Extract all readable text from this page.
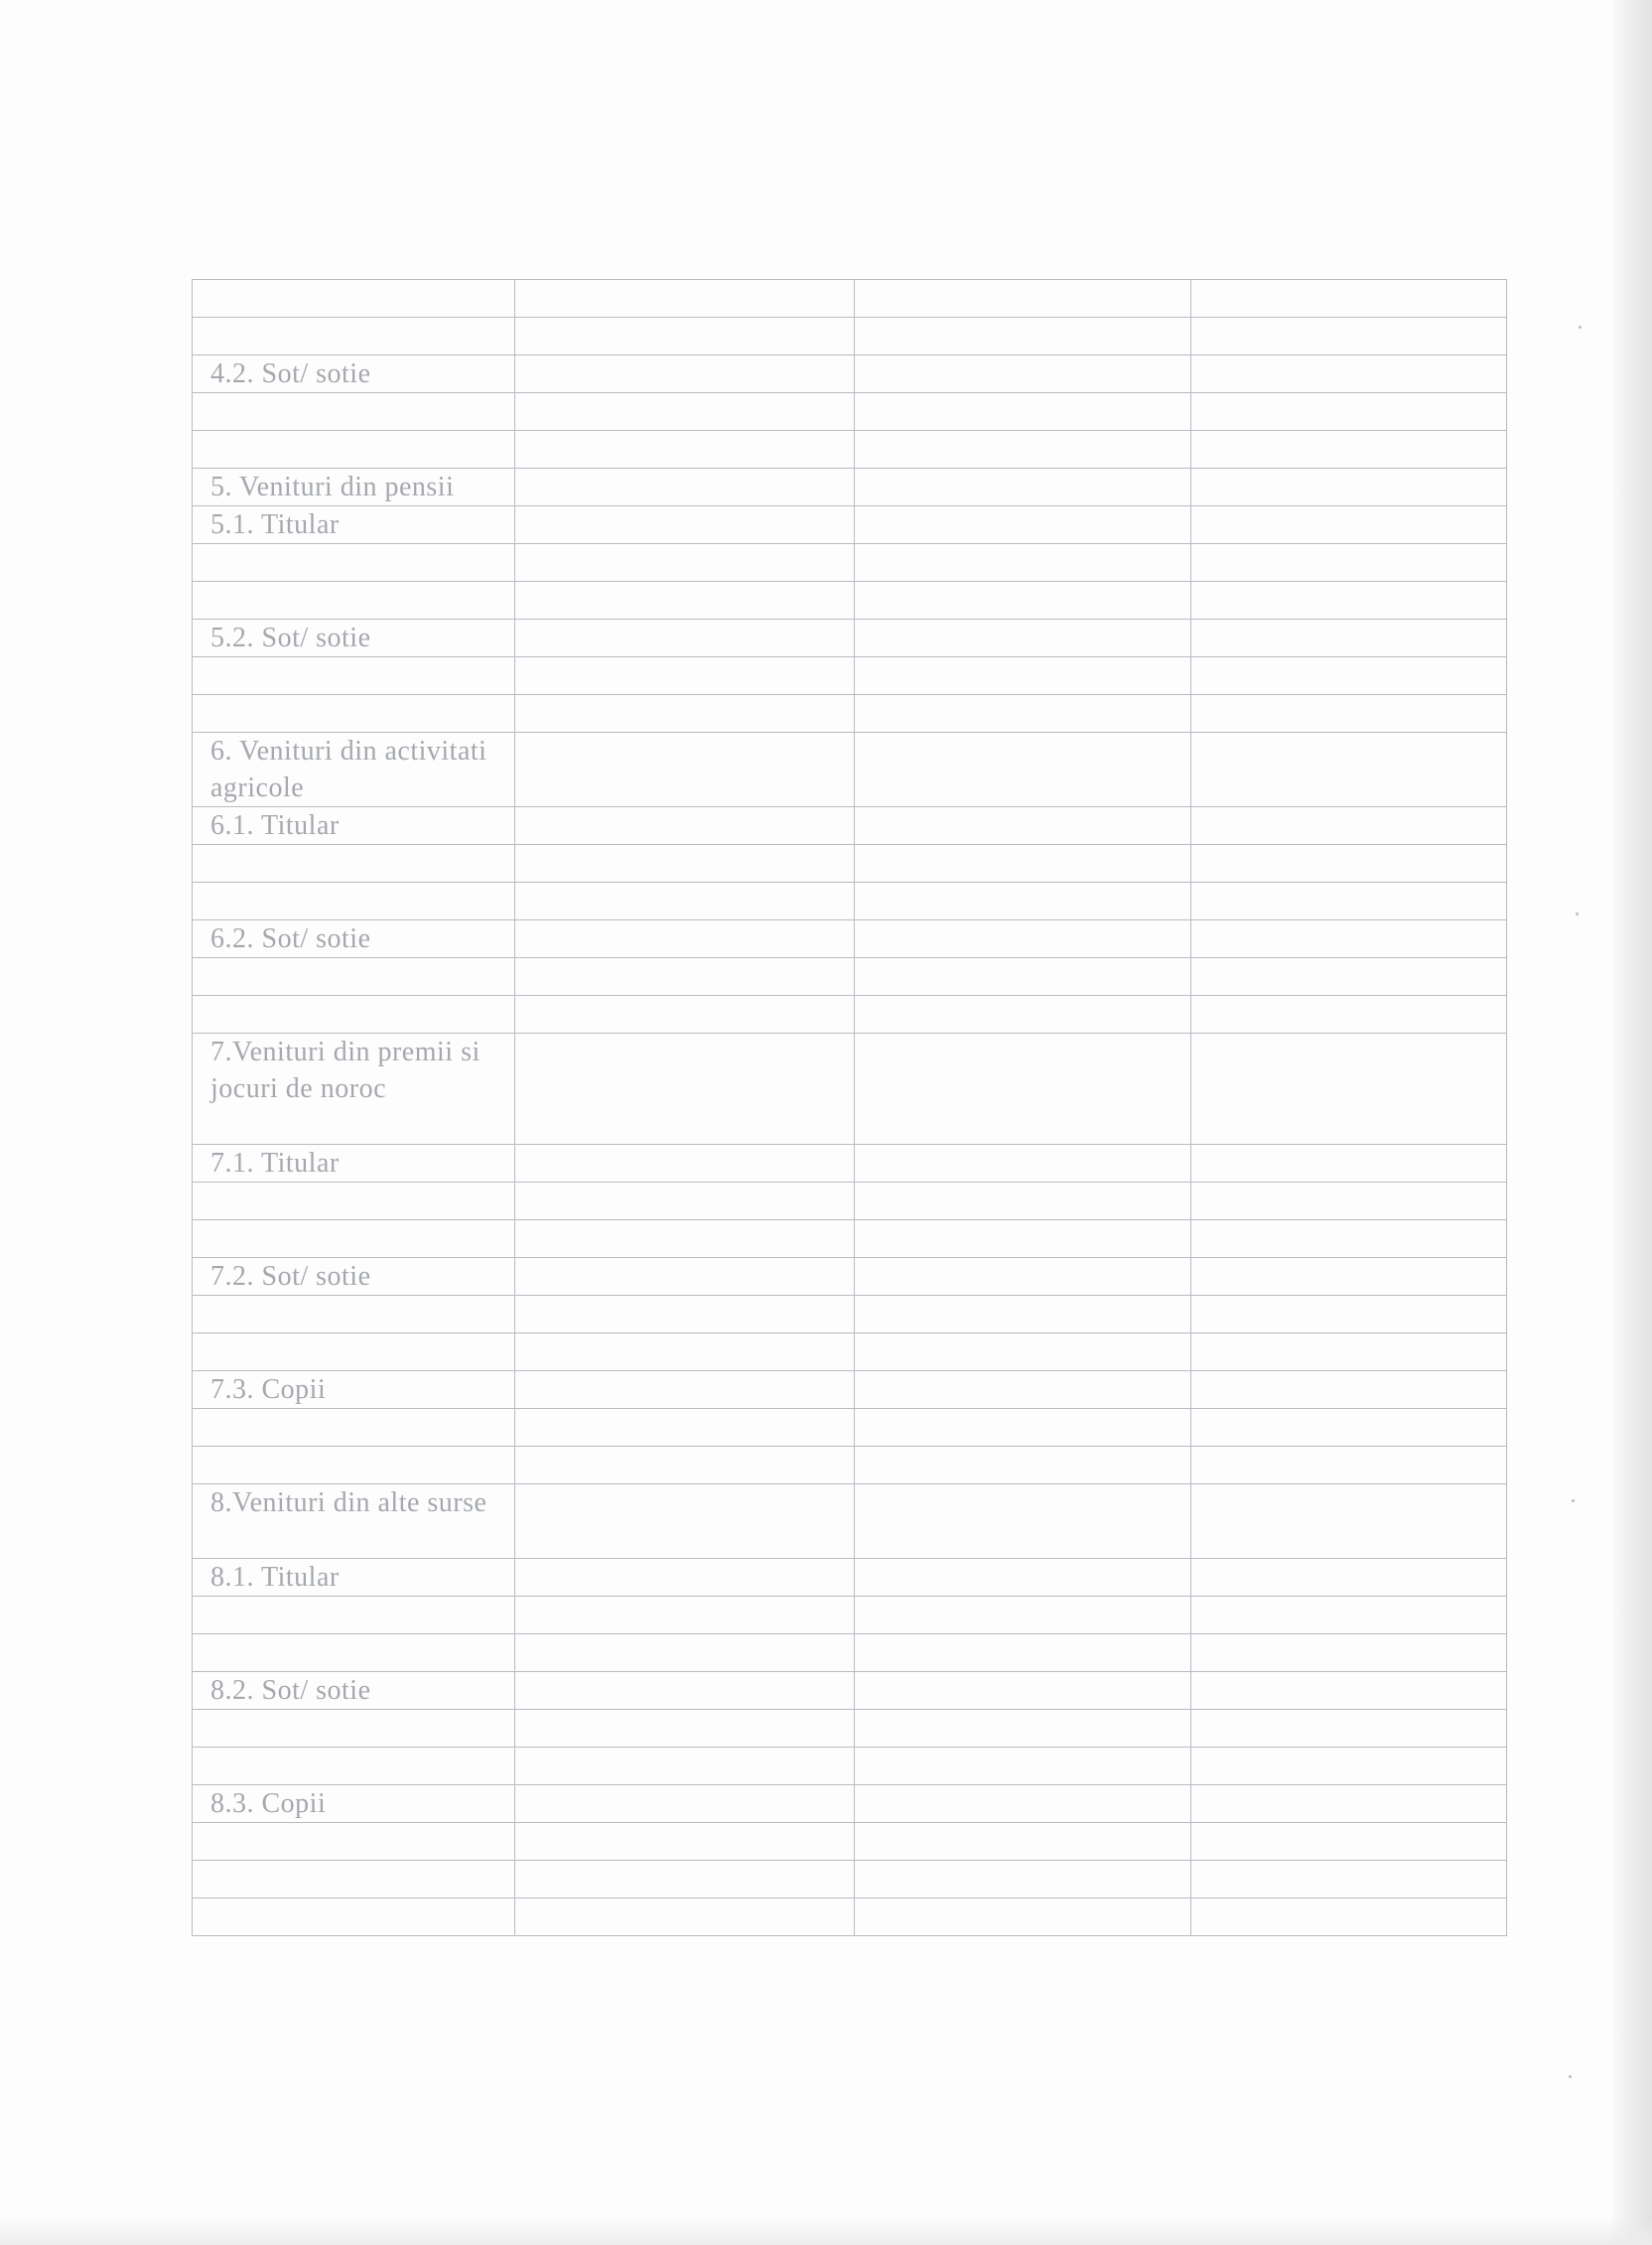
4.2. Sot/ sotie			

5. Venituri din pensii			
5.1. Titular			

5.2. Sot/ sotie			

6. Venituri din activitati agricole			
6.1. Titular			

6.2. Sot/ sotie			

7.Venituri din premii si jocuri de noroc			
7.1. Titular			

7.2. Sot/ sotie			

7.3. Copii			

8.Venituri din alte surse			
8.1. Titular			

8.2. Sot/ sotie			

8.3. Copii			
